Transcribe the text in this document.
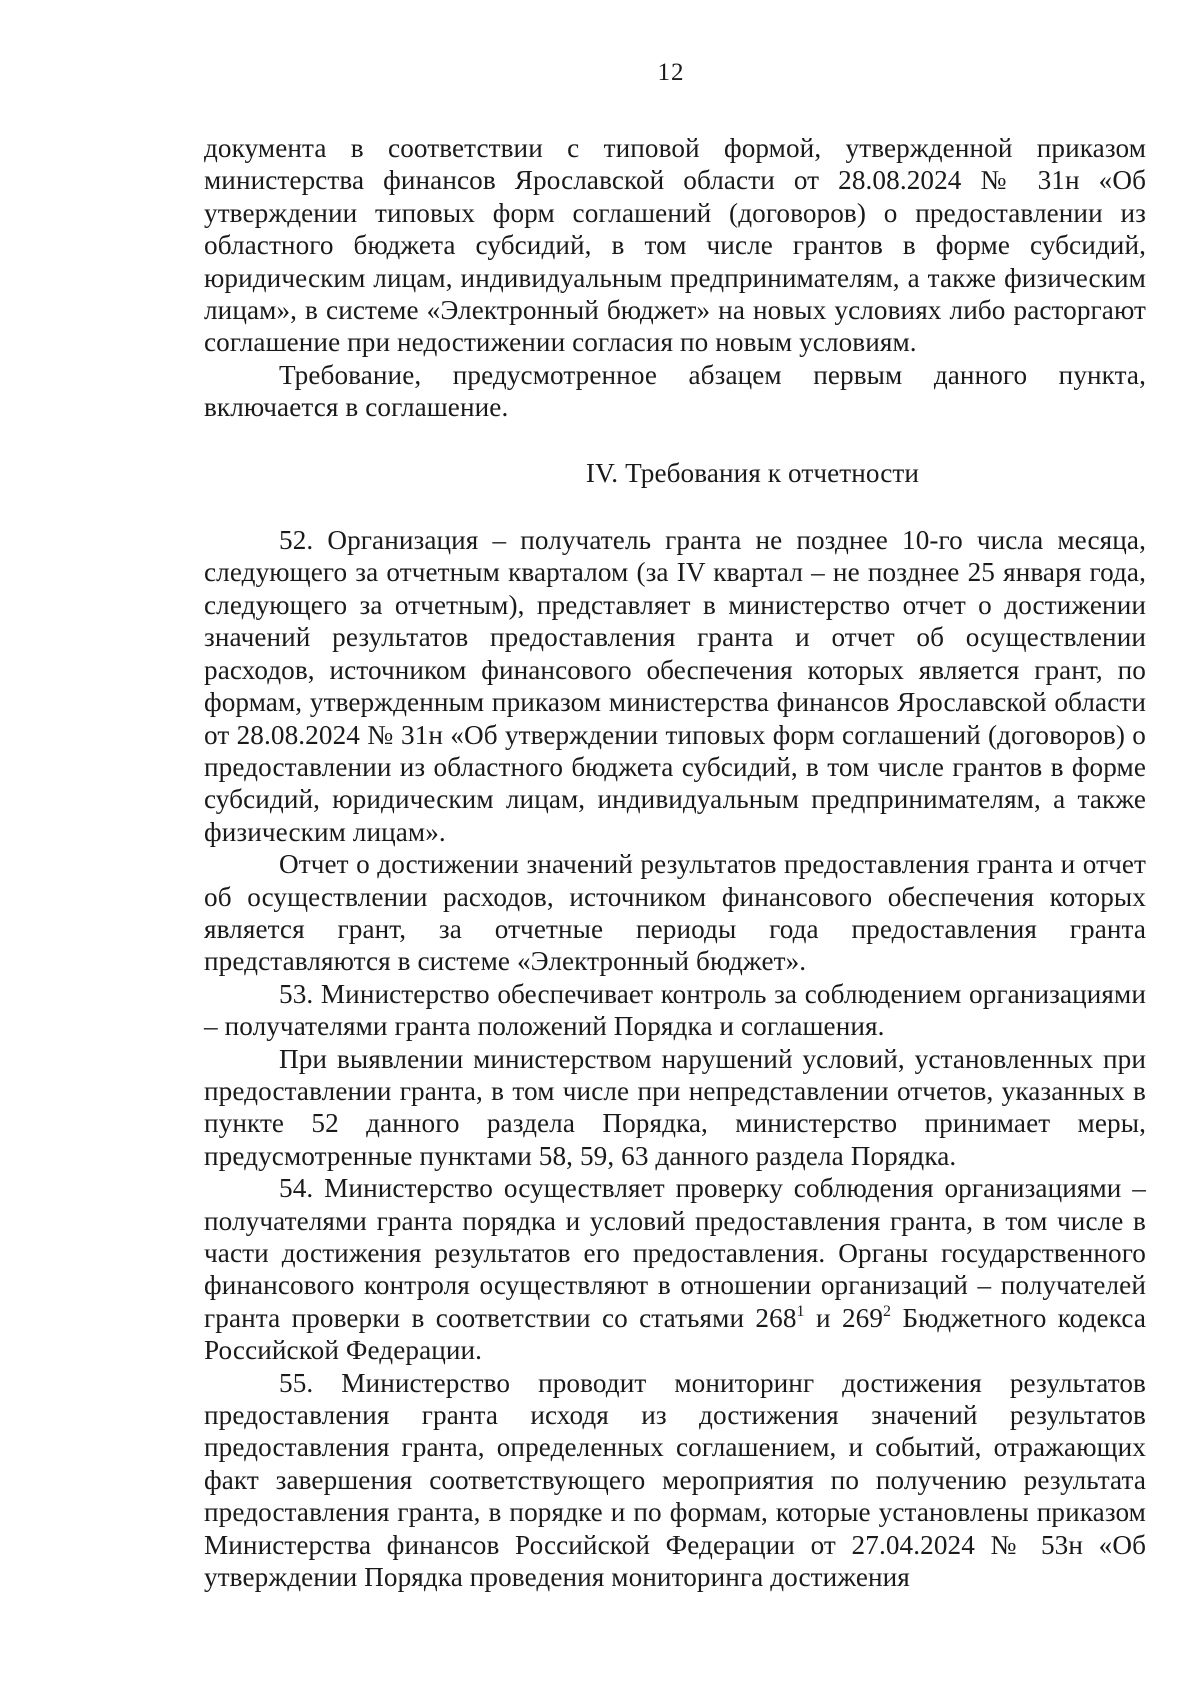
12

документа в соответствии с типовой формой, утвержденной приказом министерства финансов Ярославской области от 28.08.2024 № 31н «Об утверждении типовых форм соглашений (договоров) о предоставлении из областного бюджета субсидий, в том числе грантов в форме субсидий, юридическим лицам, индивидуальным предпринимателям, а также физическим лицам», в системе «Электронный бюджет» на новых условиях либо расторгают соглашение при недостижении согласия по новым условиям.

Требование, предусмотренное абзацем первым данного пункта, включается в соглашение.

IV. Требования к отчетности

52. Организация – получатель гранта не позднее 10-го числа месяца, следующего за отчетным кварталом (за IV квартал – не позднее 25 января года, следующего за отчетным), представляет в министерство отчет о достижении значений результатов предоставления гранта и отчет об осуществлении расходов, источником финансового обеспечения которых является грант, по формам, утвержденным приказом министерства финансов Ярославской области от 28.08.2024 № 31н «Об утверждении типовых форм соглашений (договоров) о предоставлении из областного бюджета субсидий, в том числе грантов в форме субсидий, юридическим лицам, индивидуальным предпринимателям, а также физическим лицам».

Отчет о достижении значений результатов предоставления гранта и отчет об осуществлении расходов, источником финансового обеспечения которых является грант, за отчетные периоды года предоставления гранта представляются в системе «Электронный бюджет».

53. Министерство обеспечивает контроль за соблюдением организациями – получателями гранта положений Порядка и соглашения.

При выявлении министерством нарушений условий, установленных при предоставлении гранта, в том числе при непредставлении отчетов, указанных в пункте 52 данного раздела Порядка, министерство принимает меры, предусмотренные пунктами 58, 59, 63 данного раздела Порядка.

54. Министерство осуществляет проверку соблюдения организациями – получателями гранта порядка и условий предоставления гранта, в том числе в части достижения результатов его предоставления. Органы государственного финансового контроля осуществляют в отношении организаций – получателей гранта проверки в соответствии со статьями $268^1$ и $269^2$ Бюджетного кодекса Российской Федерации.

55. Министерство проводит мониторинг достижения результатов предоставления гранта исходя из достижения значений результатов предоставления гранта, определенных соглашением, и событий, отражающих факт завершения соответствующего мероприятия по получению результата предоставления гранта, в порядке и по формам, которые установлены приказом Министерства финансов Российской Федерации от 27.04.2024 № 53н «Об утверждении Порядка проведения мониторинга достижения
